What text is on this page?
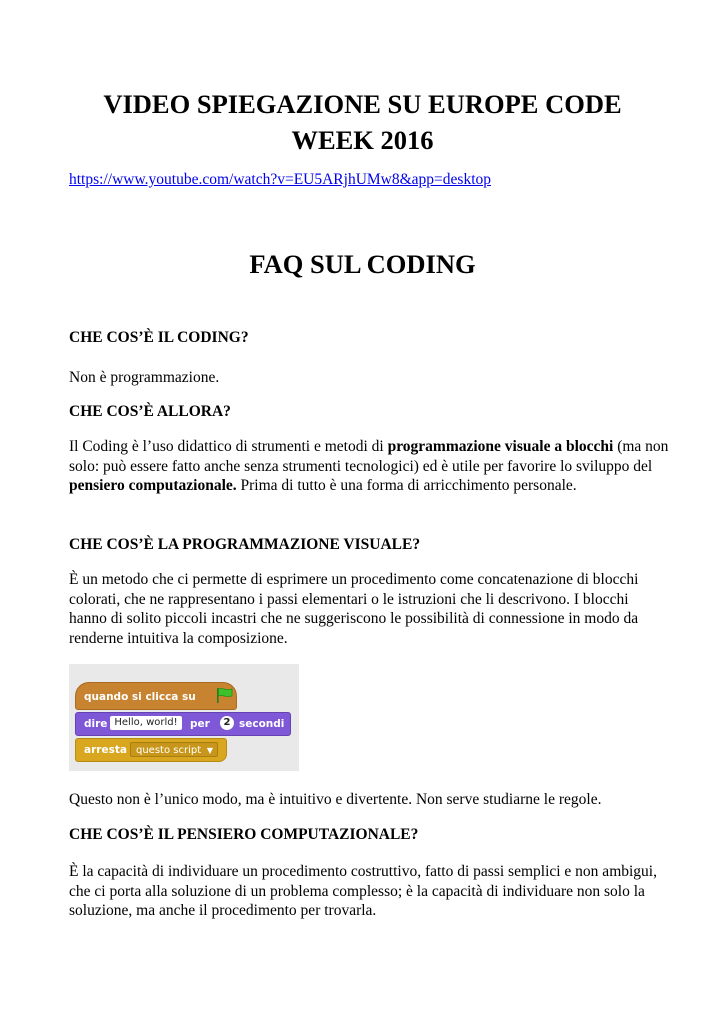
VIDEO SPIEGAZIONE SU EUROPE CODE
WEEK 2016
https://www.youtube.com/watch?v=EU5ARjhUMw8&app=desktop
FAQ SUL CODING
CHE COS’È IL CODING?
Non è programmazione.
CHE COS’È ALLORA?
Il Coding è l’uso didattico di strumenti e metodi di programmazione visuale a blocchi (ma non solo: può essere fatto anche senza strumenti tecnologici) ed è utile per favorire lo sviluppo del pensiero computazionale. Prima di tutto è una forma di arricchimento personale.
CHE COS’È LA PROGRAMMAZIONE VISUALE?
È un metodo che ci permette di esprimere un procedimento come concatenazione di blocchi colorati, che ne rappresentano i passi elementari o le istruzioni che li descrivono. I blocchi hanno di solito piccoli incastri che ne suggeriscono le possibilità di connessione in modo da renderne intuitiva la composizione.
quando si clicca su
dire Hello, world!	per	2 secondi
arresta questo script ▼
Questo non è l’unico modo, ma è intuitivo e divertente. Non serve studiarne le regole.
CHE COS’È IL PENSIERO COMPUTAZIONALE?
È la capacità di individuare un procedimento costruttivo, fatto di passi semplici e non ambigui, che ci porta alla soluzione di un problema complesso; è la capacità di individuare non solo la soluzione, ma anche il procedimento per trovarla.
